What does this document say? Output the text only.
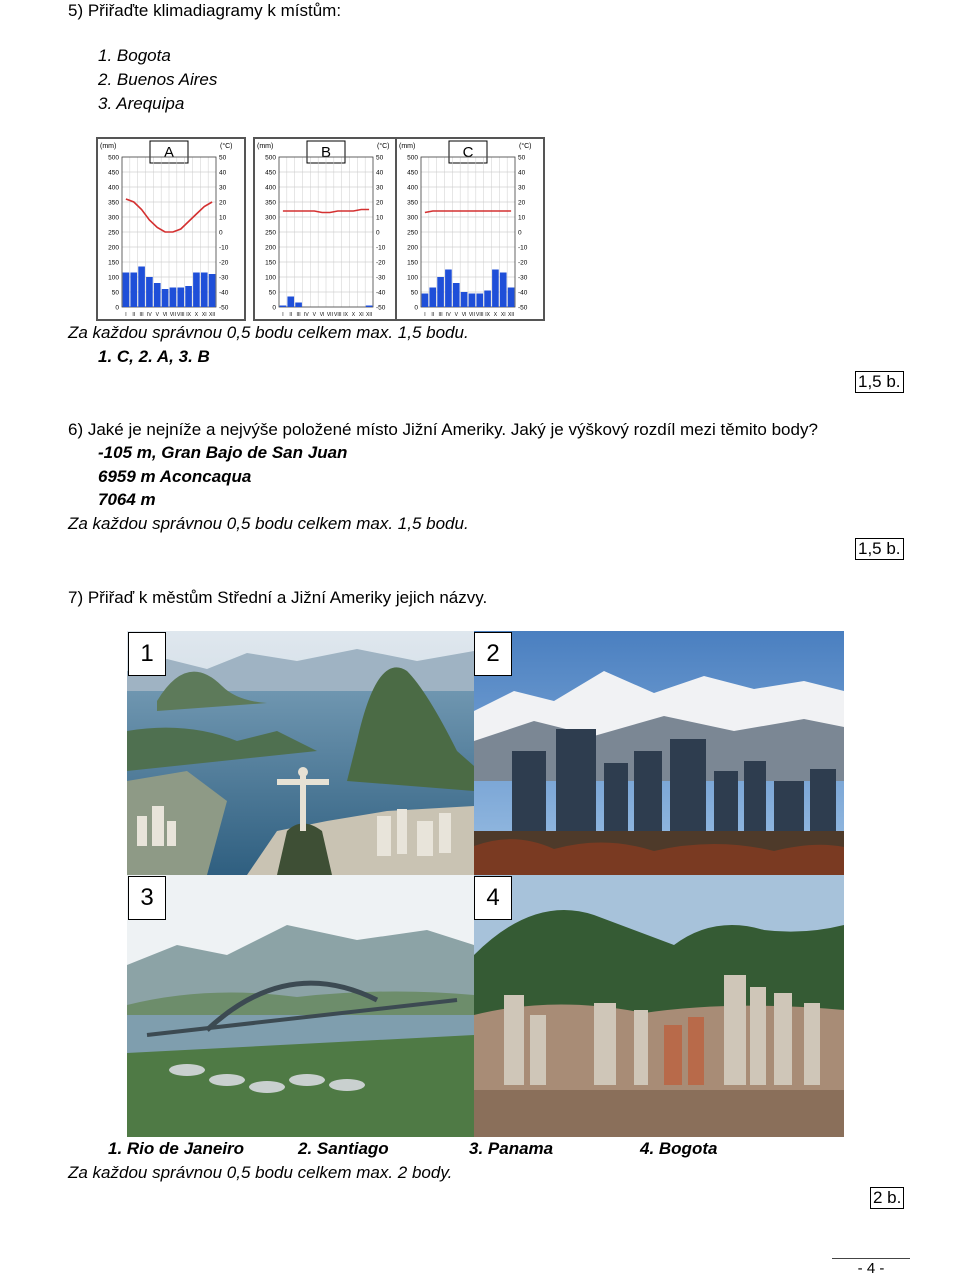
5) Přiřaďte klimadiagramy k místům:
1. Bogota
2. Buenos Aires
3. Arequipa
(mm)	(°C)
A
500
450
400
350
300
250
200
150
100
50
0
50
40
30
20
10
0
-10
-20
-30
-40
-50
I II III IV V VI VII VIII IX X XI XII
(mm)	(°C)
B
500
450
400
350
300
250
200
150
100
50
0
50
40
30
20
10
0
-10
-20
-30
-40
-50
I II III IV V VI VII VIII IX X XI XII
(mm)	(°C)
C
500
450
400
350
300
250
200
150
100
50
0
50
40
30
20
10
0
-10
-20
-30
-40
-50
I II III IV V VI VII VIII IX X XI XII
Za každou správnou 0,5 bodu celkem max. 1,5 bodu.
1. C, 2. A, 3. B
1,5 b.
6) Jaké je nejníže a nejvýše položené místo Jižní Ameriky. Jaký je výškový rozdíl mezi těmito body?
-105 m, Gran Bajo de San Juan
6959 m Aconcaqua
7064 m
Za každou správnou 0,5 bodu celkem max. 1,5 bodu.
1,5 b.
7) Přiřaď k městům Střední a Jižní Ameriky jejich názvy.
1	2
3	4
1. Rio de Janeiro	2. Santiago	3. Panama	4. Bogota
Za každou správnou 0,5 bodu celkem max. 2 body.
2 b.
- 4 -
